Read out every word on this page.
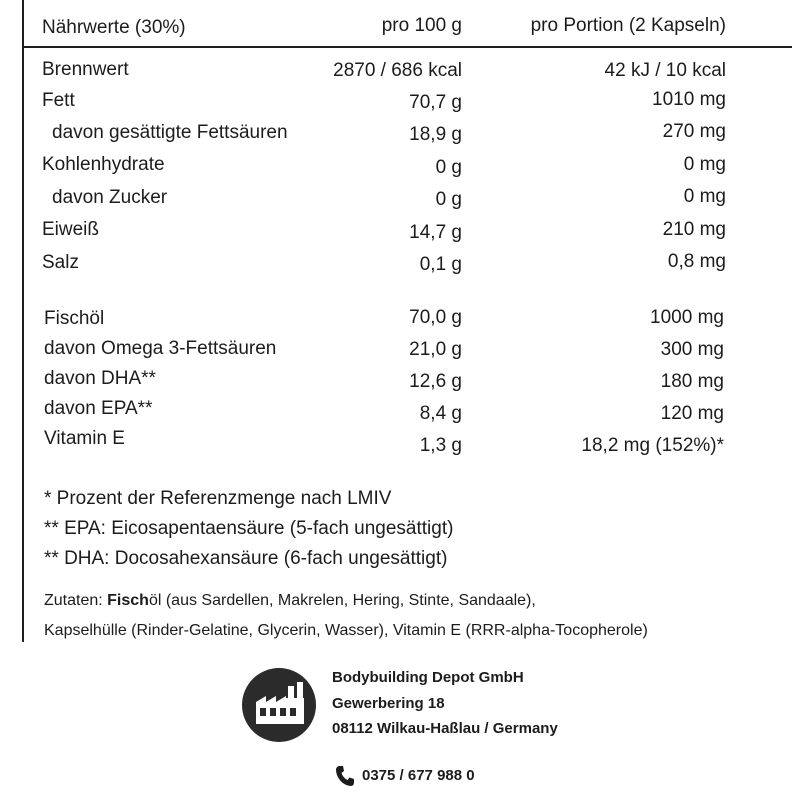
Nährwerte (30%)	pro 100 g	pro Portion (2 Kapseln)
Brennwert	2870 / 686 kcal	42 kJ / 10 kcal
Fett	70,7 g	1010 mg
davon gesättigte Fettsäuren	18,9 g	270 mg
Kohlenhydrate	0 g	0 mg
davon Zucker	0 g	0 mg
Eiweiß	14,7 g	210 mg
Salz	0,1 g	0,8 mg
Fischöl	70,0 g	1000 mg
davon Omega 3-Fettsäuren	21,0 g	300 mg
davon DHA**	12,6 g	180 mg
davon EPA**	8,4 g	120 mg
Vitamin E	1,3 g	18,2 mg (152%)*
* Prozent der Referenzmenge nach LMIV
** EPA: Eicosapentaensäure (5-fach ungesättigt)
** DHA: Docosahexansäure (6-fach ungesättigt)
Zutaten: Fischöl (aus Sardellen, Makrelen, Hering, Stinte, Sandaale),
Kapselhülle (Rinder-Gelatine, Glycerin, Wasser), Vitamin E (RRR-alpha-Tocopherole)
Bodybuilding Depot GmbH
Gewerbering 18
08112 Wilkau-Haßlau / Germany
0375 / 677 988 0
